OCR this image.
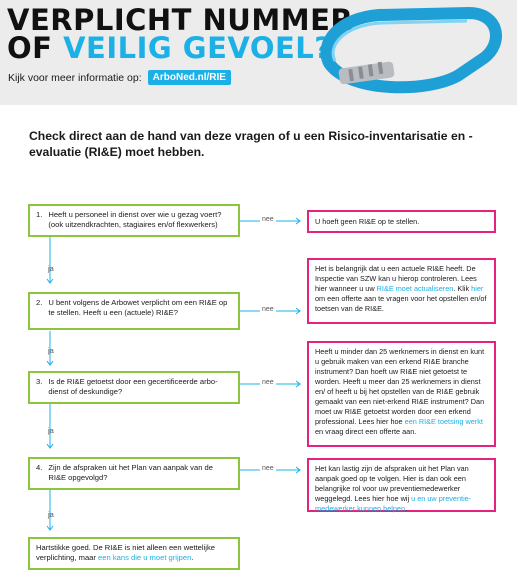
VERPLICHT NUMMER
OF VEILIG GEVOEL?
Kijk voor meer informatie op:	ArboNed.nl/RIE
Check direct aan de hand van deze vragen of u een Risico-inventarisatie en -evaluatie (RI&E) moet hebben.
nee
nee
nee
nee
ja
ja
ja
ja
1. Heeft u personeel in dienst over wie u gezag voert? (ook uitzendkrachten, stagiaires en/of flexwerkers)	U hoeft geen RI&E op te stellen.
2. U bent volgens de Arbowet verplicht om een RI&E op te stellen. Heeft u een (actuele) RI&E?
Het is belangrijk dat u een actuele RI&E heeft. De Inspectie van SZW kan u hierop controleren. Lees hier wanneer u uw RI&E moet actualiseren. Klik hier om een offerte aan te vragen voor het opstellen en/of toetsen van de RI&E.
3. Is de RI&E getoetst door een gecertificeerde arbo-dienst of deskundige?
Heeft u minder dan 25 werknemers in dienst en kunt u gebruik maken van een erkend RI&E branche instrument? Dan hoeft uw RI&E niet getoetst te worden. Heeft u meer dan 25 werknemers in dienst en/ of heeft u bij het opstellen van de RI&E gebruik gemaakt van een niet-erkend RI&E instrument? Dan moet uw RI&E getoetst worden door een erkend professional. Lees hier hoe een RI&E toetsing werkt en vraag direct een offerte aan.
4. Zijn de afspraken uit het Plan van aanpak van de RI&E opgevolgd?
Het kan lastig zijn de afspraken uit het Plan van aanpak goed op te volgen. Hier is dan ook een belangrijke rol voor uw preventiemedewerker weggelegd. Lees hier hoe wij u en uw preventie-medewerker kunnen helpen.
Hartstikke goed. De RI&E is niet alleen een wettelijke verplichting, maar een kans die u moet grijpen.
